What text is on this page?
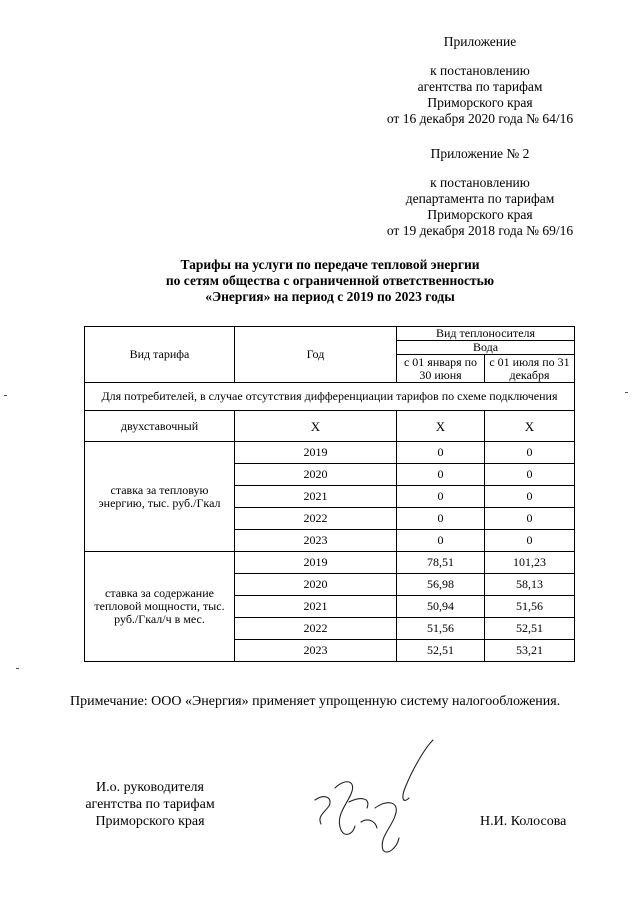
Приложение
к постановлению
агентства по тарифам
Приморского края
от 16 декабря 2020 года № 64/16
Приложение № 2
к постановлению
департамента по тарифам
Приморского края
от 19 декабря 2018 года № 69/16
Тарифы на услуги по передаче тепловой энергии
по сетям общества с ограниченной ответственностью
«Энергия» на период с 2019 по 2023 годы
Вид тарифа	Год	Вид теплоносителя	
		Вода	
		с 01 января по 30 июня	с 01 июля по 31 декабря
Для потребителей, в случае отсутствия дифференциации тарифов по схеме подключения			
двухставочный	Х	Х	Х
ставка за тепловую энергию, тыс. руб./Гкал	2019	0	0
	2020	0	0
	2021	0	0
	2022	0	0
	2023	0	0
ставка за содержание тепловой мощности, тыс. руб./Гкал/ч в мес.	2019	78,51	101,23
	2020	56,98	58,13
	2021	50,94	51,56
	2022	51,56	52,51
	2023	52,51	53,21
Примечание: ООО «Энергия» применяет упрощенную систему налогообложения.
И.о. руководителя
агентства по тарифам
Приморского края	Н.И. Колосова
